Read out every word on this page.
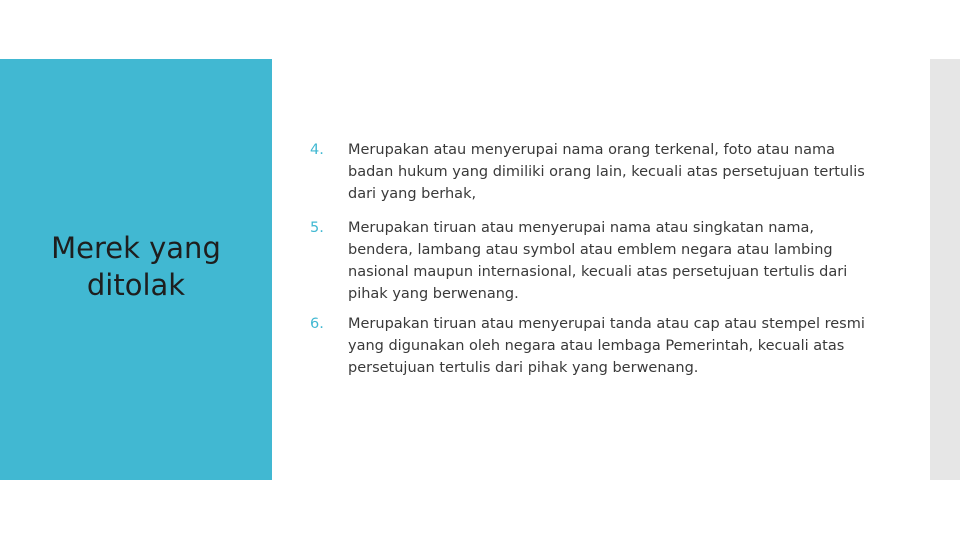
Merek yang ditolak
4.	Merupakan atau menyerupai nama orang terkenal, foto atau nama badan hukum yang dimiliki orang lain, kecuali atas persetujuan tertulis dari yang berhak,
5.	Merupakan tiruan atau menyerupai nama atau singkatan nama, bendera, lambang atau symbol atau emblem negara atau lambing nasional maupun internasional, kecuali atas persetujuan tertulis dari pihak yang berwenang.
6.	Merupakan tiruan atau menyerupai tanda atau cap atau stempel resmi yang digunakan oleh negara atau lembaga Pemerintah, kecuali atas persetujuan tertulis dari pihak yang berwenang.
